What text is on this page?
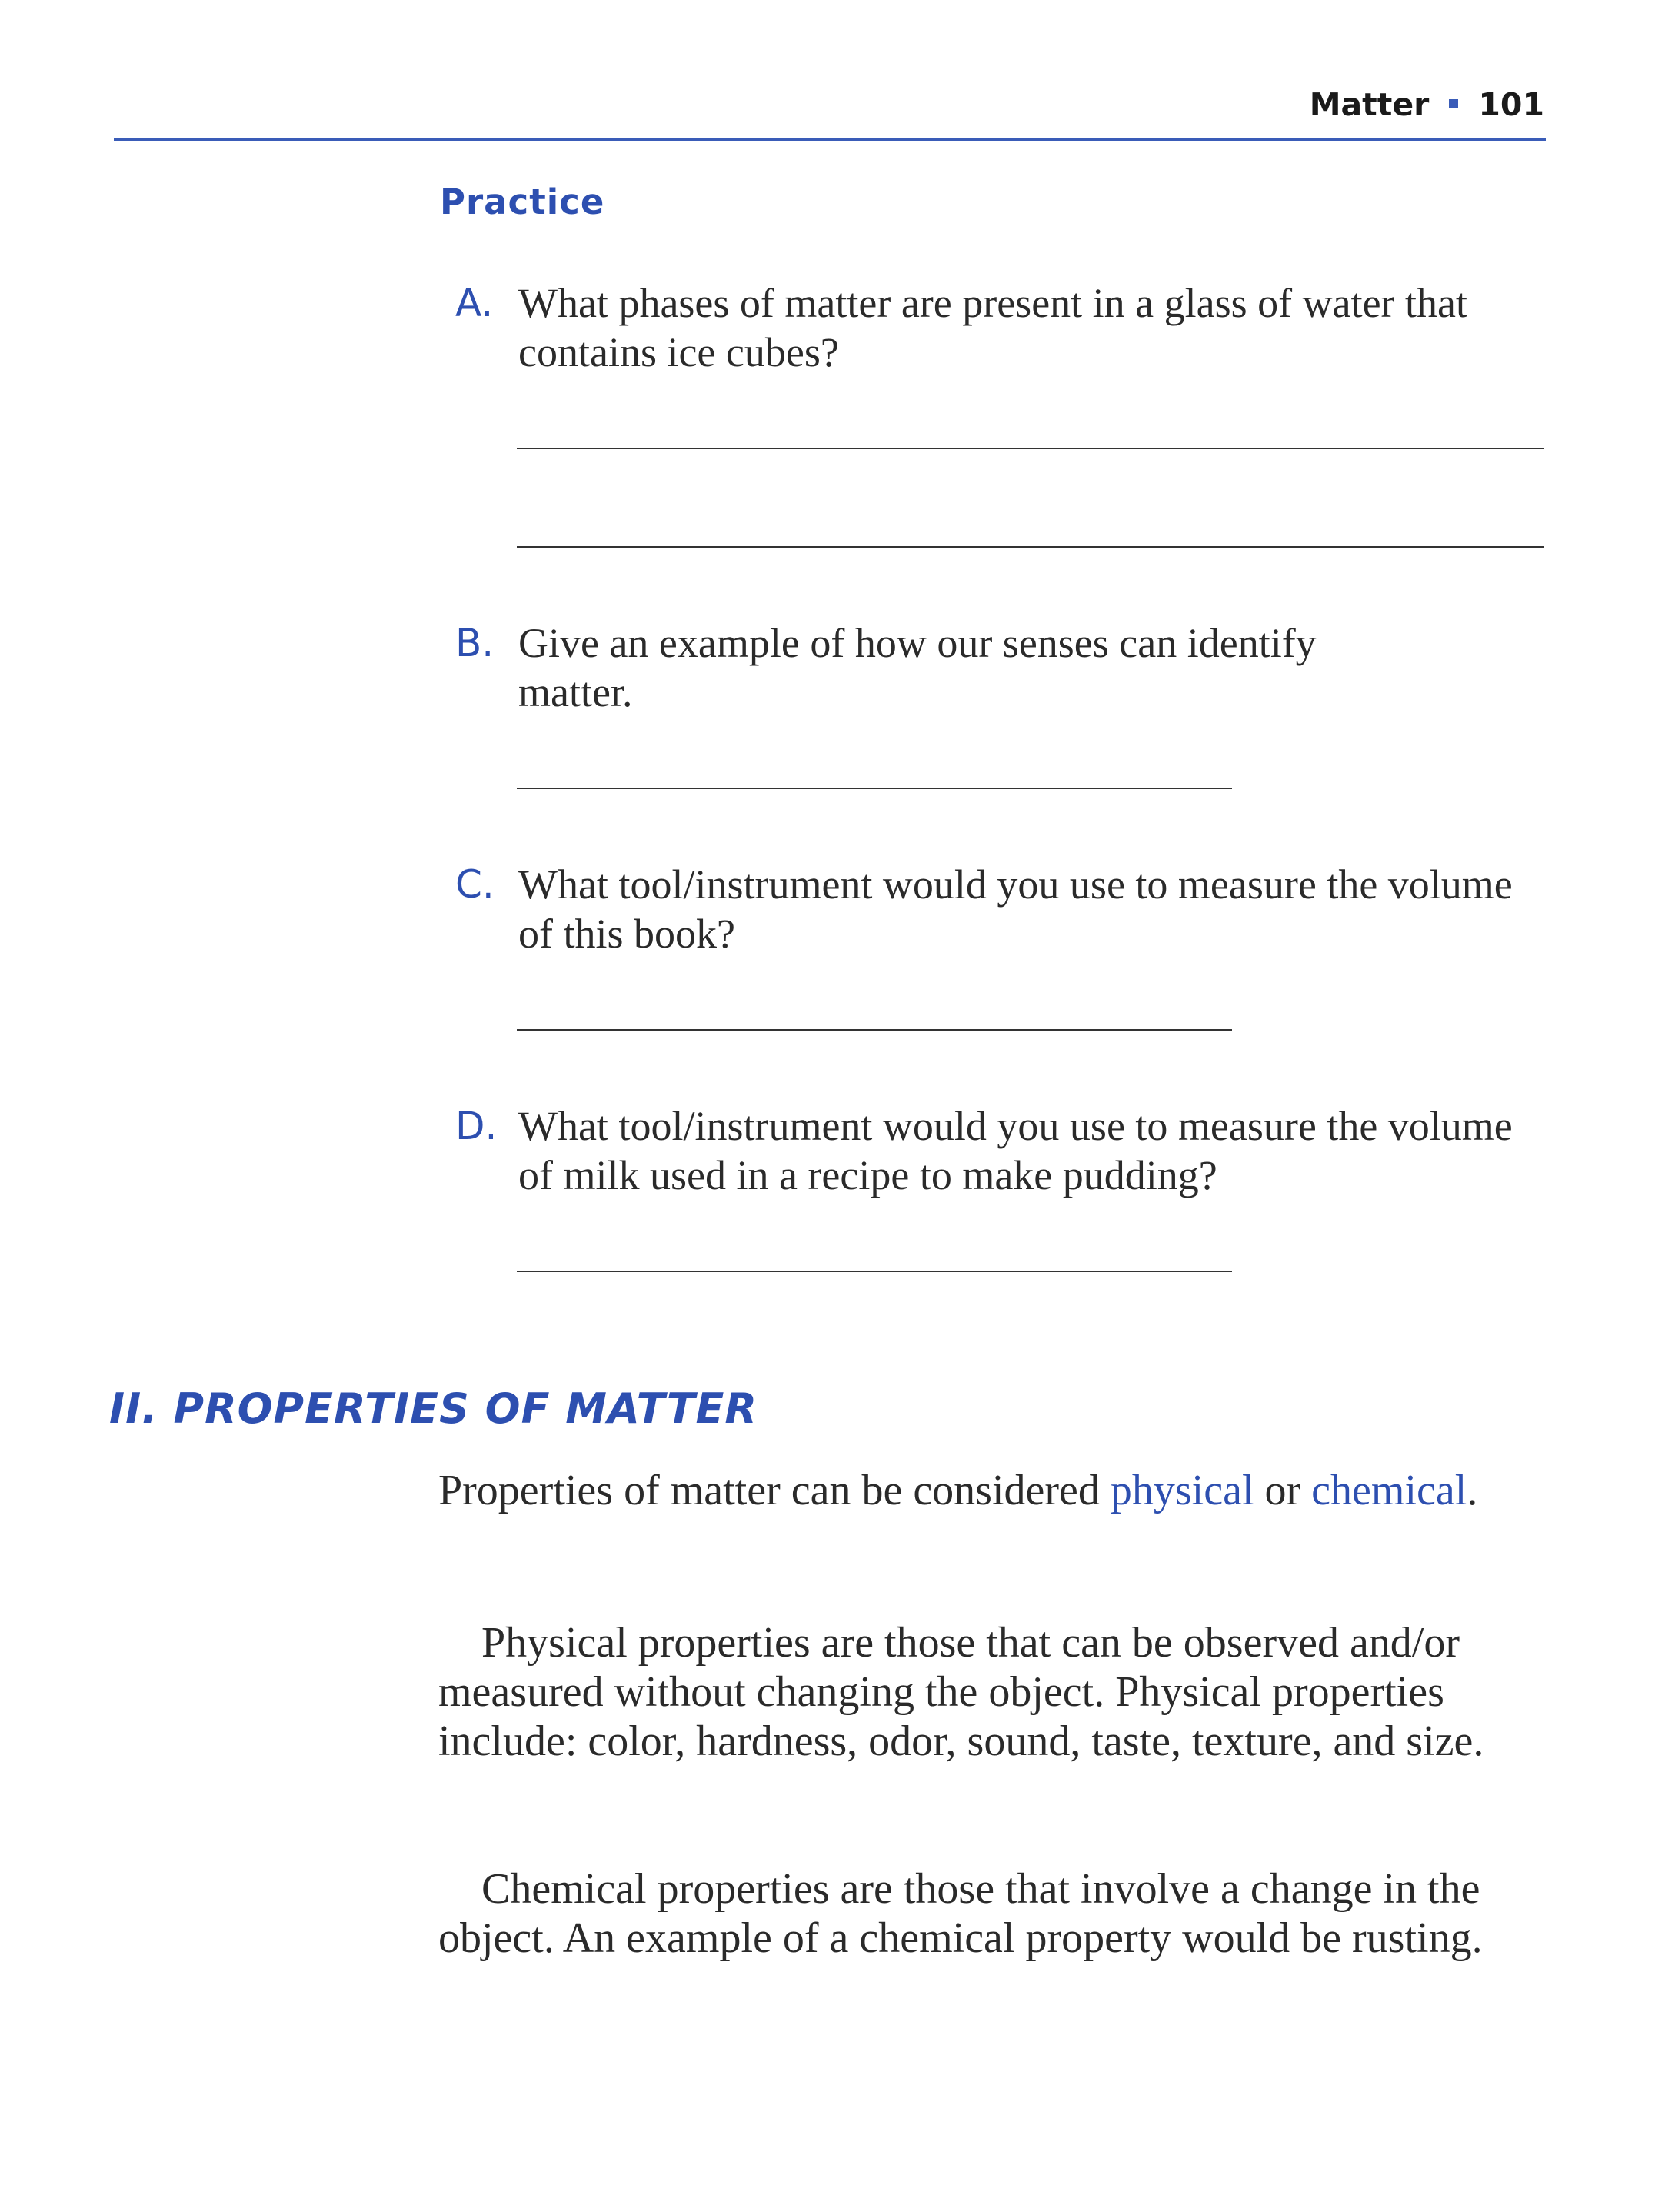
Matter 101
Practice
A. What phases of matter are present in a glass of water that contains ice cubes?
B. Give an example of how our senses can identify matter.
C. What tool/instrument would you use to measure the volume of this book?
D. What tool/instrument would you use to measure the volume of milk used in a recipe to make pudding?
II. PROPERTIES OF MATTER
Properties of matter can be considered physical or chemical.
Physical properties are those that can be observed and/or measured without changing the object. Physical properties include: color, hardness, odor, sound, taste, texture, and size.
Chemical properties are those that involve a change in the object. An example of a chemical property would be rusting.
